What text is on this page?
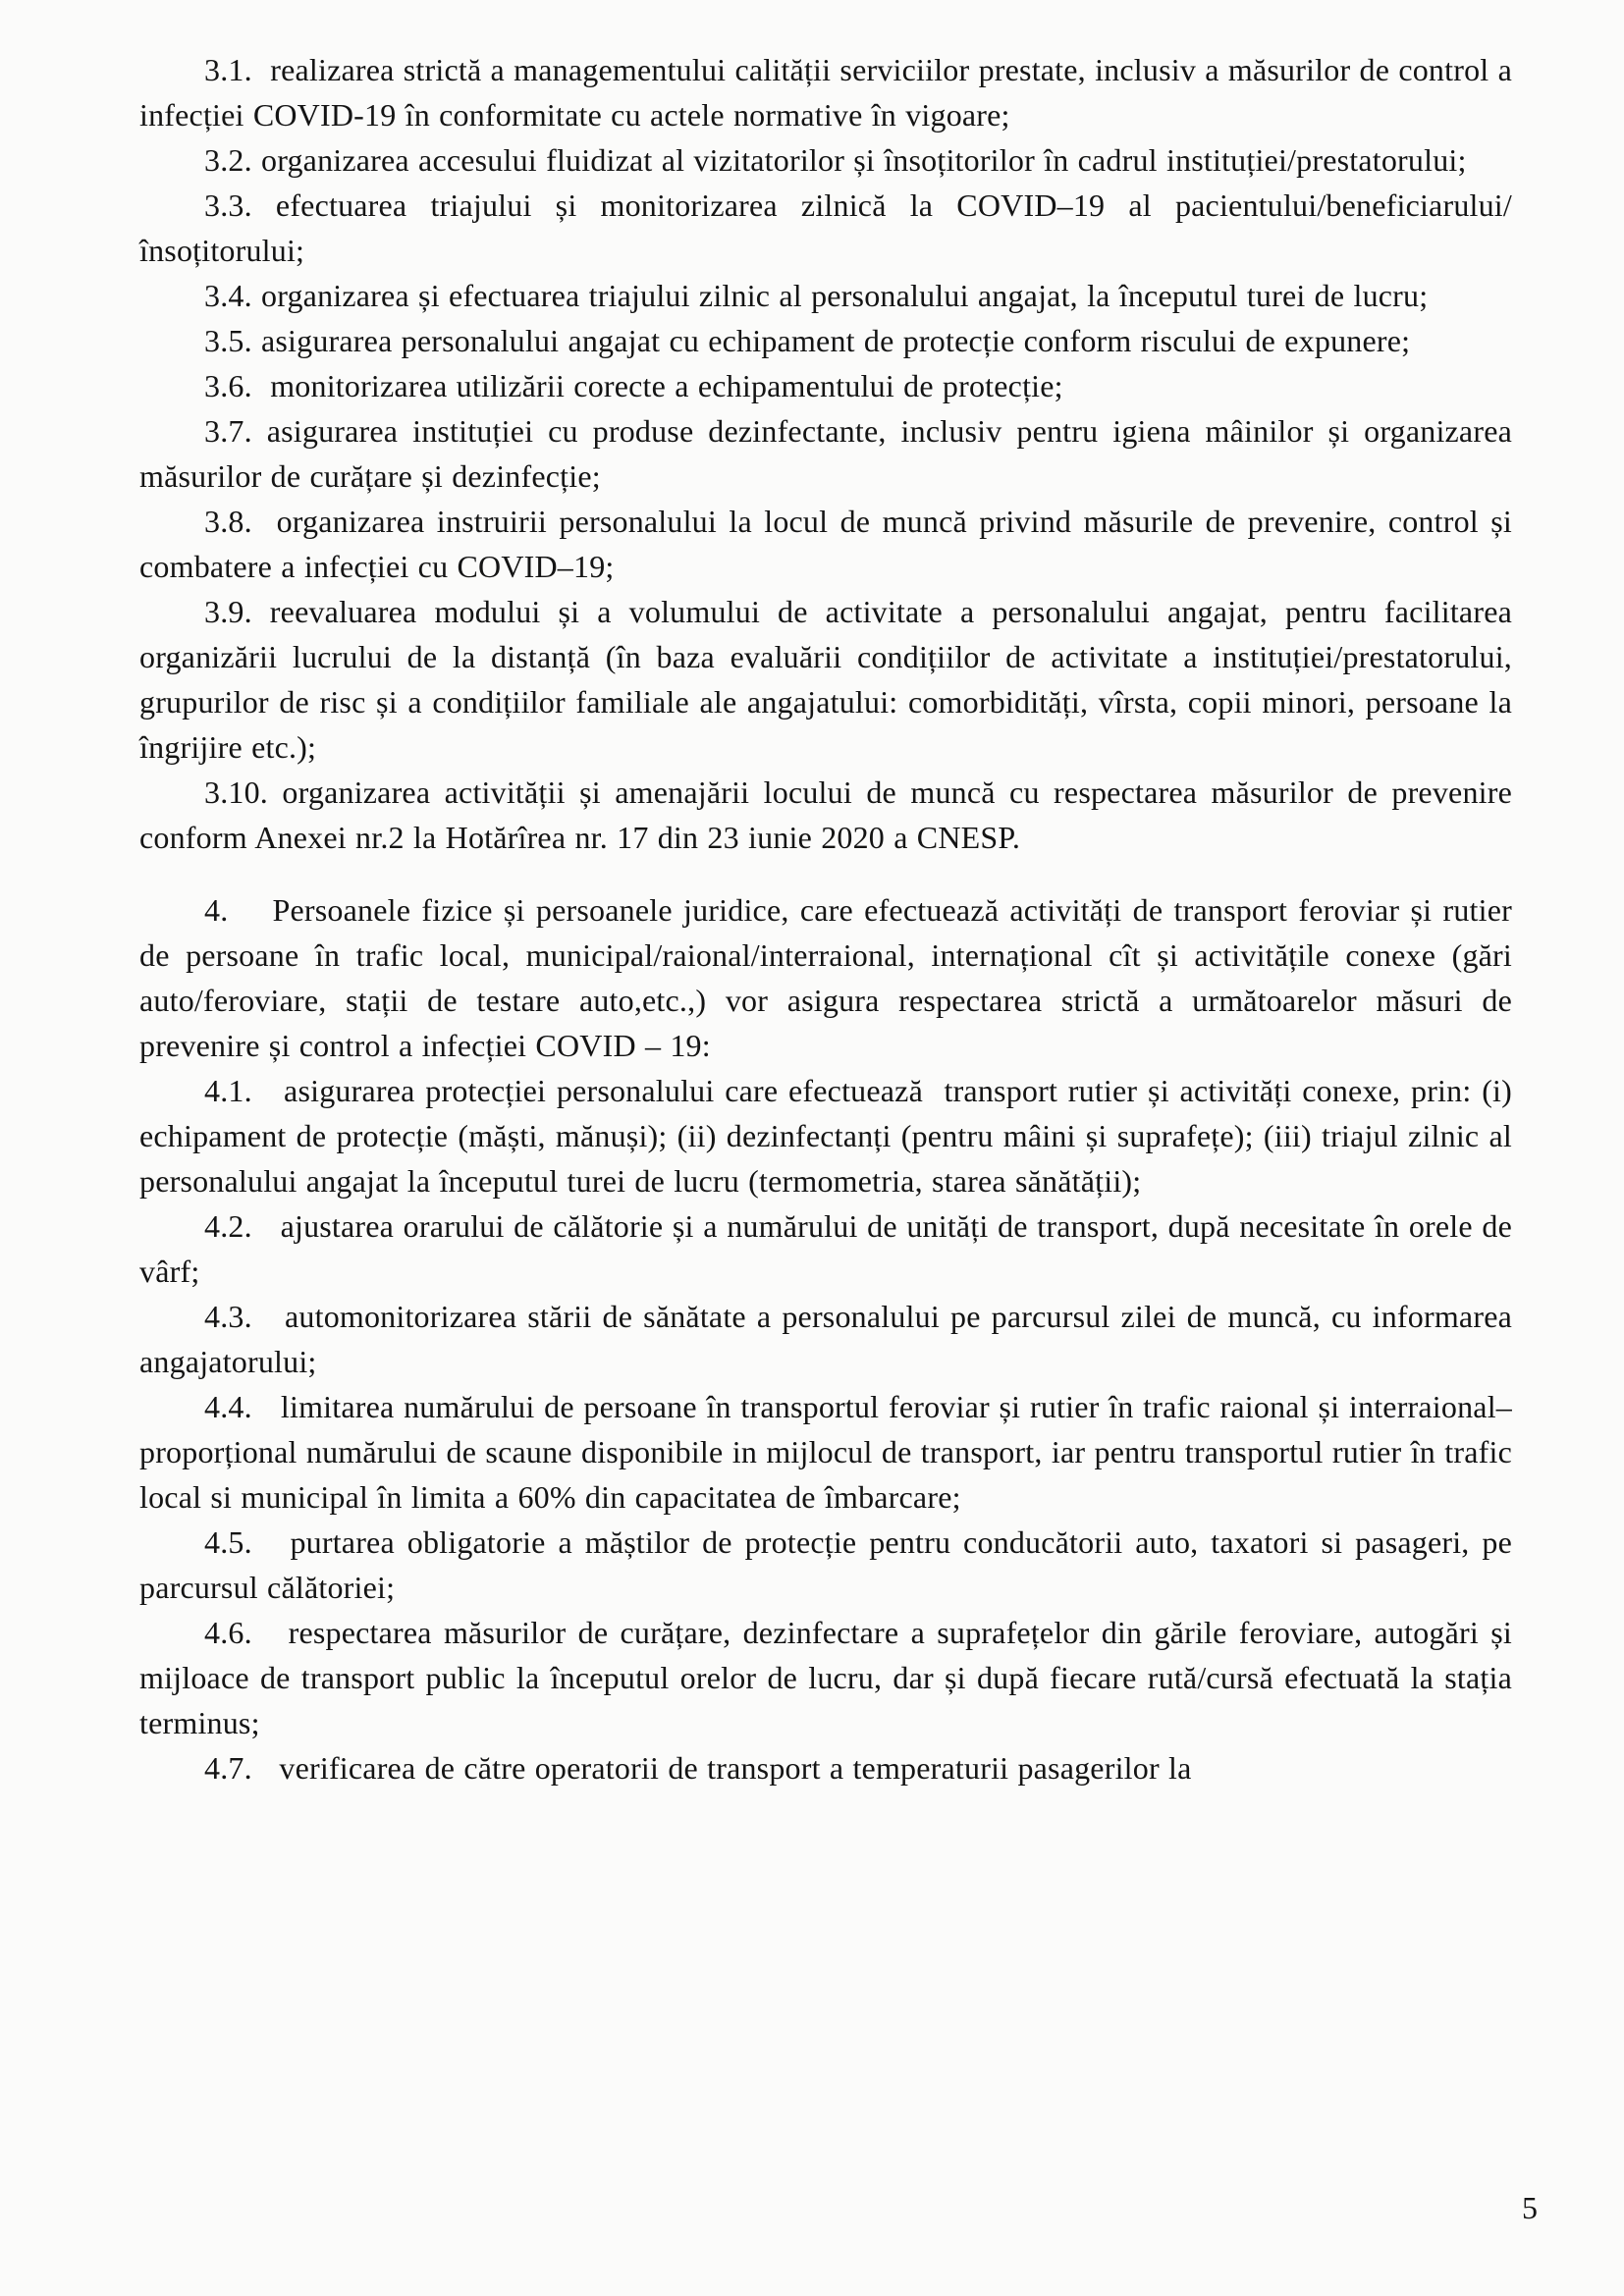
3.1.  realizarea strictă a managementului calității serviciilor prestate, inclusiv a măsurilor de control a infecției COVID-19 în conformitate cu actele normative în vigoare;

3.2. organizarea accesului fluidizat al vizitatorilor și însoțitorilor în cadrul instituției/prestatorului;

3.3. efectuarea triajului și monitorizarea zilnică la COVID–19 al pacientului/beneficiarului/însoțitorului;

3.4. organizarea și efectuarea triajului zilnic al personalului angajat, la începutul turei de lucru;

3.5. asigurarea personalului angajat cu echipament de protecție conform riscului de expunere;

3.6.  monitorizarea utilizării corecte a echipamentului de protecție;

3.7. asigurarea instituției cu produse dezinfectante, inclusiv pentru igiena mâinilor și organizarea măsurilor de curățare și dezinfecție;

3.8.  organizarea instruirii personalului la locul de muncă privind măsurile de prevenire, control și combatere a infecției cu COVID–19;

3.9. reevaluarea modului și a volumului de activitate a personalului angajat, pentru facilitarea organizării lucrului de la distanță (în baza evaluării condițiilor de activitate a instituției/prestatorului, grupurilor de risc și a condițiilor familiale ale angajatului: comorbidități, vîrsta, copii minori, persoane la îngrijire etc.);

3.10. organizarea activității și amenajării locului de muncă cu respectarea măsurilor de prevenire conform Anexei nr.2 la Hotărîrea nr. 17 din 23 iunie 2020 a CNESP.

4.    Persoanele fizice și persoanele juridice, care efectuează activități de transport feroviar și rutier de persoane în trafic local, municipal/raional/interraional, internațional cît și activitățile conexe (gări auto/feroviare, stații de testare auto,etc.,) vor asigura respectarea strictă a următoarelor măsuri de prevenire și control a infecției COVID – 19:

4.1.   asigurarea protecției personalului care efectuează  transport rutier și activități conexe, prin: (i) echipament de protecție (măști, mănuși); (ii) dezinfectanți (pentru mâini și suprafețe); (iii) triajul zilnic al personalului angajat la începutul turei de lucru (termometria, starea sănătății);

4.2.   ajustarea orarului de călătorie și a numărului de unități de transport, după necesitate în orele de vârf;

4.3.   automonitorizarea stării de sănătate a personalului pe parcursul zilei de muncă, cu informarea angajatorului;

4.4.   limitarea numărului de persoane în transportul feroviar și rutier în trafic raional și interraional– proporțional numărului de scaune disponibile in mijlocul de transport, iar pentru transportul rutier în trafic local si municipal în limita a 60% din capacitatea de îmbarcare;

4.5.   purtarea obligatorie a măștilor de protecție pentru conducătorii auto, taxatori si pasageri, pe parcursul călătoriei;

4.6.   respectarea măsurilor de curățare, dezinfectare a suprafețelor din gările feroviare, autogări și mijloace de transport public la începutul orelor de lucru, dar și după fiecare rută/cursă efectuată la stația terminus;

4.7.   verificarea de către operatorii de transport a temperaturii pasagerilor la

5
